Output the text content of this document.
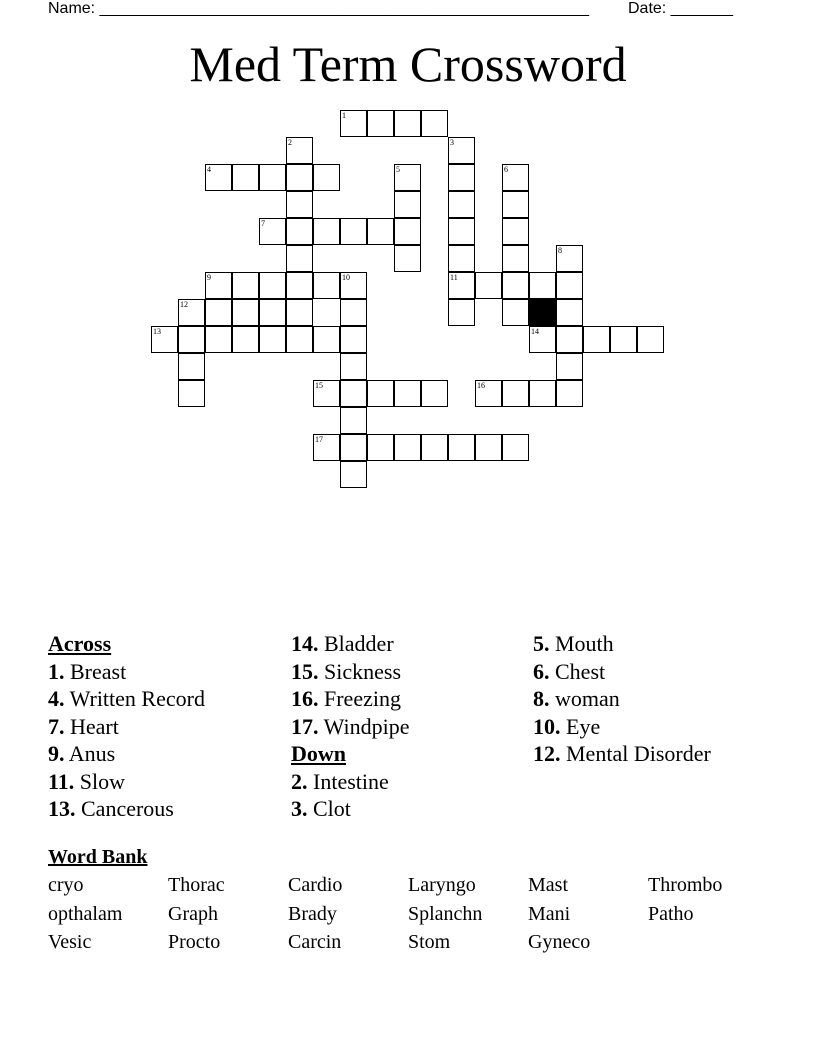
Name: _______________________________________________________ Date: _______
Med Term Crossword
1
2	3
4	5	6
7
8
9	10	11
12
13	14
15	16
17
Across
1. Breast
4. Written Record
7. Heart
9. Anus
11. Slow
13. Cancerous
14. Bladder
15. Sickness
16. Freezing
17. Windpipe
Down
2. Intestine
3. Clot
5. Mouth
6. Chest
8. woman
10. Eye
12. Mental Disorder
Word Bank
cryo	Thorac	Cardio	Laryngo	Mast	Thrombo
opthalam	Graph	Brady	Splanchn	Mani	Patho
Vesic	Procto	Carcin	Stom	Gyneco
